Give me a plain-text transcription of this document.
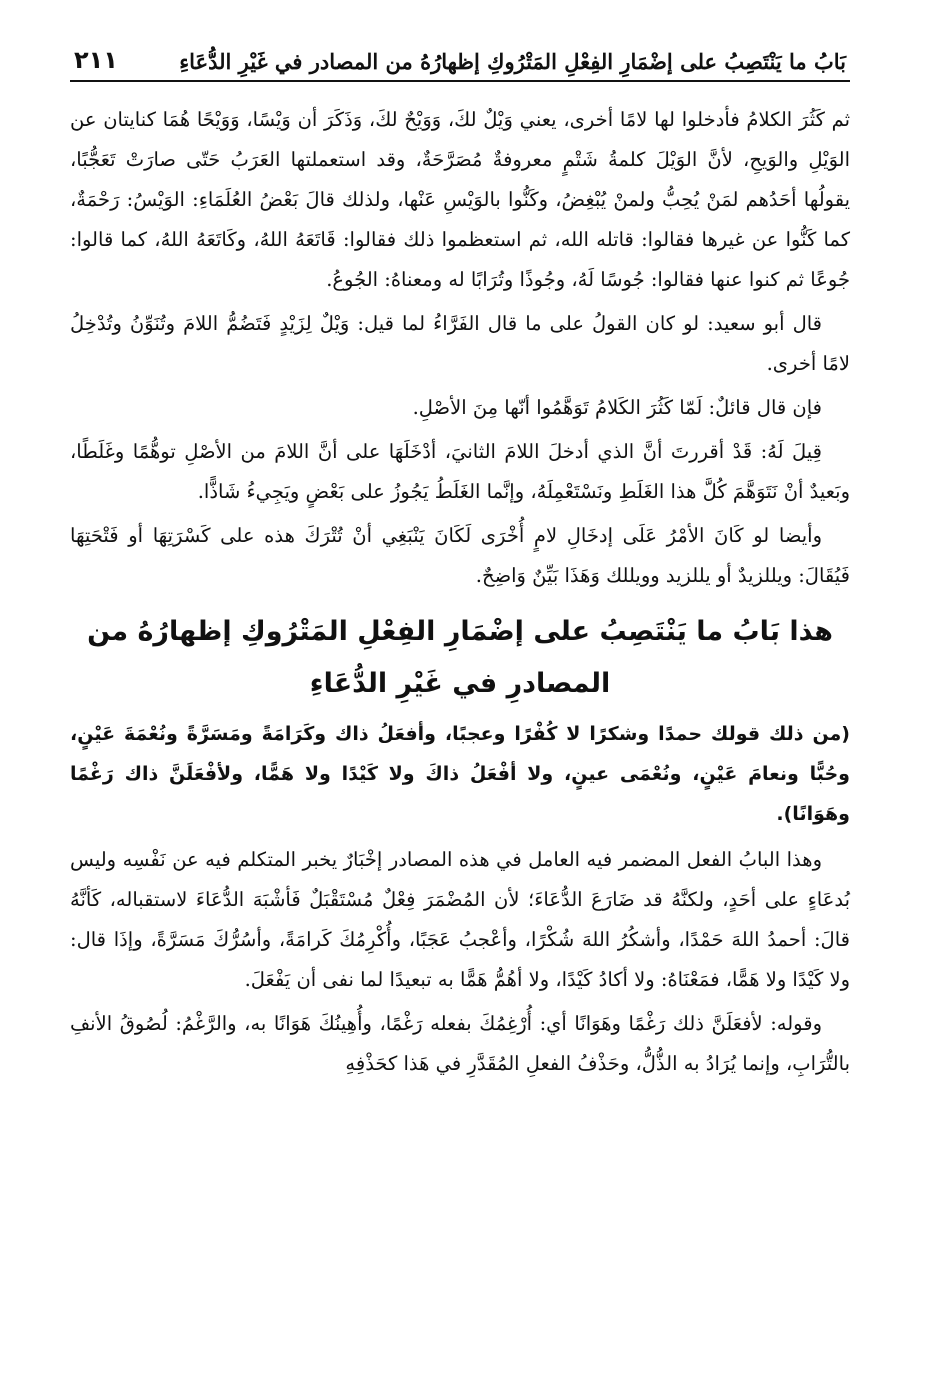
بَابُ ما يَنْتَصِبُ على إضْمَارِ الفِعْلِ المَتْرُوكِ إظهارُهُ من المصادر في غَيْرِ الدُّعَاءِ
٢١١

ثم كَثُرَ الكلامُ فأدخلوا لها لامًا أخرى، يعني وَيْلٌ لكَ، وَوَيْحٌ لكَ، وَذَكَرَ أن وَيْسًا، وَوَيْحًا هُمَا كنايتان عن الوَيْلِ والوَيحِ، لأنَّ الوَيْلَ كلمةُ شَتْمٍ معروفةٌ مُصَرَّحَةٌ، وقد استعملتها العَرَبُ حَتّى صارَتْ تَعَجُّبًا، يقولُها أحَدُهم لمَنْ يُحِبُّ ولمنْ يُبْغِضُ، وكَنُّوا بالوَيْسِ عَنْها، ولذلك قالَ بَعْضُ العُلَمَاءِ: الوَيْسُ: رَحْمَةٌ، كما كَنُّوا عن غيرها فقالوا: قاتله الله، ثم استعظموا ذلك فقالوا: قَاتَعَهُ اللهُ، وكَاتَعَهُ اللهُ، كما قالوا: جُوعًا ثم كنوا عنها فقالوا: جُوسًا لَهُ، وجُوذًا وتُرَابًا له ومعناهُ: الجُوعُ.

قال أبو سعيد: لو كان القولُ على ما قال الفَرَّاءُ لما قيل: وَيْلٌ لِزَيْدٍ فَتَضُمُّ اللامَ وتُنَوِّنُ وتُدْخِلُ لامًا أخرى.

فإن قال قائلٌ: لَمّا كَثُرَ الكَلامُ تَوَهَّمُوا أنّها مِنَ الأصْلِ.

قِيلَ لَهُ: قَدْ أقررتَ أنَّ الذي أدخلَ اللامَ الثانيَ، أدْخَلَهَا على أنَّ اللامَ من الأصْلِ توهُّمًا وغَلَطًا، وبَعيدٌ أنْ نَتَوَهَّمَ كُلَّ هذا الغَلَطِ ونَسْتَعْمِلَهُ، وإنَّما الغَلَطُ يَجُوزُ على بَعْضٍ ويَجِيءُ شَاذًّا.

وأيضا لو كَانَ الأمْرُ عَلَى إدخَالِ لامٍ أُخْرَى لَكَانَ يَنْبَغِي أنْ تُتْرَكَ هذه على كَسْرَتِهَا أو فَتْحَتِهَا فَيُقَالَ: ويللزيدٌ أو يللزيد وويللك وَهَذَا بَيِّنٌ وَاضِحٌ.

هذا بَابُ ما يَنْتَصِبُ على إضْمَارِ الفِعْلِ المَتْرُوكِ إظهارُهُ من المصادرِ في غَيْرِ الدُّعَاءِ

(من ذلك قولك حمدًا وشكرًا لا كُفْرًا وعجبًا، وأفعَلُ ذاك وكَرَامَةً ومَسَرَّةً ونُعْمَةَ عَيْنٍ، وحُبًّا ونعامَ عَيْنٍ، ونُعْمَى عينٍ، ولا أفْعَلُ ذاكَ ولا كَيْدًا ولا هَمًّا، ولأفْعَلَنَّ ذاك رَغْمًا وهَوَانًا).

وهذا البابُ الفعل المضمر فيه العامل في هذه المصادر إخْبَارٌ يخبر المتكلم فيه عن نَفْسِه وليس بُدعَاءٍ على أحَدٍ، ولكنَّهُ قد ضَارَعَ الدُّعَاءَ؛ لأن المُضْمَرَ فِعْلٌ مُسْتَقْبَلٌ فَأشْبَهَ الدُّعَاءَ لاستقباله، كَأنَّهُ قالَ: أحمدُ اللهَ حَمْدًا، وأشكُرُ اللهَ شُكْرًا، وأعْجبُ عَجَبًا، وأُكْرِمُكَ كَرامَةً، وأسُرُّكَ مَسَرَّةً، وإذَا قال: ولا كَيْدًا ولا هَمًّا، فمَعْنَاهُ: ولا أكادُ كَيْدًا، ولا أهُمُّ هَمًّا به تبعيدًا لما نفى أن يَفْعَلَ.

وقوله: لأفعَلَنَّ ذلك رَغْمًا وهَوَانًا أي: أُرْغِمُكَ بفعله رَغْمًا، وأُهِينُكَ هَوَانًا به، والرَّغْمُ: لُصُوقُ الأنفِ بالتُّرَابِ، وإنما يُرَادُ به الذُّلُّ، وحَذْفُ الفعلِ المُقَدَّرِ في هَذا كحَذْفِهِ
